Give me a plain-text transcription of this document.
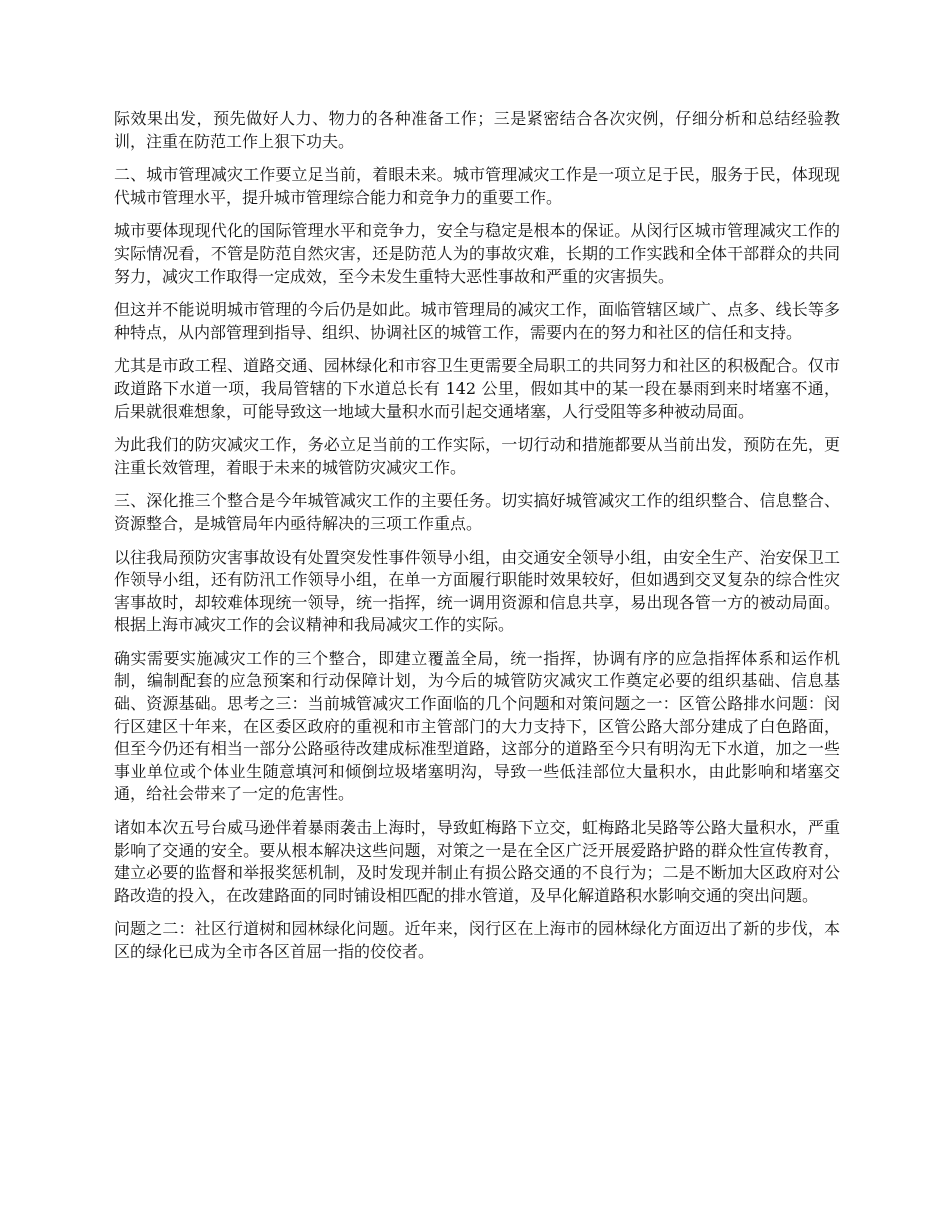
际效果出发，预先做好人力、物力的各种准备工作；三是紧密结合各次灾例，仔细分析和总结经验教训，注重在防范工作上狠下功夫。

二、城市管理减灾工作要立足当前，着眼未来。城市管理减灾工作是一项立足于民，服务于民，体现现代城市管理水平，提升城市管理综合能力和竞争力的重要工作。

城市要体现现代化的国际管理水平和竞争力，安全与稳定是根本的保证。从闵行区城市管理减灾工作的实际情况看，不管是防范自然灾害，还是防范人为的事故灾难，长期的工作实践和全体干部群众的共同努力，减灾工作取得一定成效，至今未发生重特大恶性事故和严重的灾害损失。

但这并不能说明城市管理的今后仍是如此。城市管理局的减灾工作，面临管辖区域广、点多、线长等多种特点，从内部管理到指导、组织、协调社区的城管工作，需要内在的努力和社区的信任和支持。

尤其是市政工程、道路交通、园林绿化和市容卫生更需要全局职工的共同努力和社区的积极配合。仅市政道路下水道一项，我局管辖的下水道总长有 142 公里，假如其中的某一段在暴雨到来时堵塞不通，后果就很难想象，可能导致这一地域大量积水而引起交通堵塞，人行受阻等多种被动局面。

为此我们的防灾减灾工作，务必立足当前的工作实际，一切行动和措施都要从当前出发，预防在先，更注重长效管理，着眼于未来的城管防灾减灾工作。

三、深化推三个整合是今年城管减灾工作的主要任务。切实搞好城管减灾工作的组织整合、信息整合、资源整合，是城管局年内亟待解决的三项工作重点。

以往我局预防灾害事故设有处置突发性事件领导小组，由交通安全领导小组，由安全生产、治安保卫工作领导小组，还有防汛工作领导小组，在单一方面履行职能时效果较好，但如遇到交叉复杂的综合性灾害事故时，却较难体现统一领导，统一指挥，统一调用资源和信息共享，易出现各管一方的被动局面。根据上海市减灾工作的会议精神和我局减灾工作的实际。

确实需要实施减灾工作的三个整合，即建立覆盖全局，统一指挥，协调有序的应急指挥体系和运作机制，编制配套的应急预案和行动保障计划，为今后的城管防灾减灾工作奠定必要的组织基础、信息基础、资源基础。思考之三：当前城管减灾工作面临的几个问题和对策问题之一：区管公路排水问题：闵行区建区十年来，在区委区政府的重视和市主管部门的大力支持下，区管公路大部分建成了白色路面，但至今仍还有相当一部分公路亟待改建成标准型道路，这部分的道路至今只有明沟无下水道，加之一些事业单位或个体业生随意填河和倾倒垃圾堵塞明沟，导致一些低洼部位大量积水，由此影响和堵塞交通，给社会带来了一定的危害性。

诸如本次五号台威马逊伴着暴雨袭击上海时，导致虹梅路下立交，虹梅路北吴路等公路大量积水，严重影响了交通的安全。要从根本解决这些问题，对策之一是在全区广泛开展爱路护路的群众性宣传教育，建立必要的监督和举报奖惩机制，及时发现并制止有损公路交通的不良行为；二是不断加大区政府对公路改造的投入，在改建路面的同时铺设相匹配的排水管道，及早化解道路积水影响交通的突出问题。

问题之二：社区行道树和园林绿化问题。近年来，闵行区在上海市的园林绿化方面迈出了新的步伐，本区的绿化已成为全市各区首屈一指的佼佼者。
